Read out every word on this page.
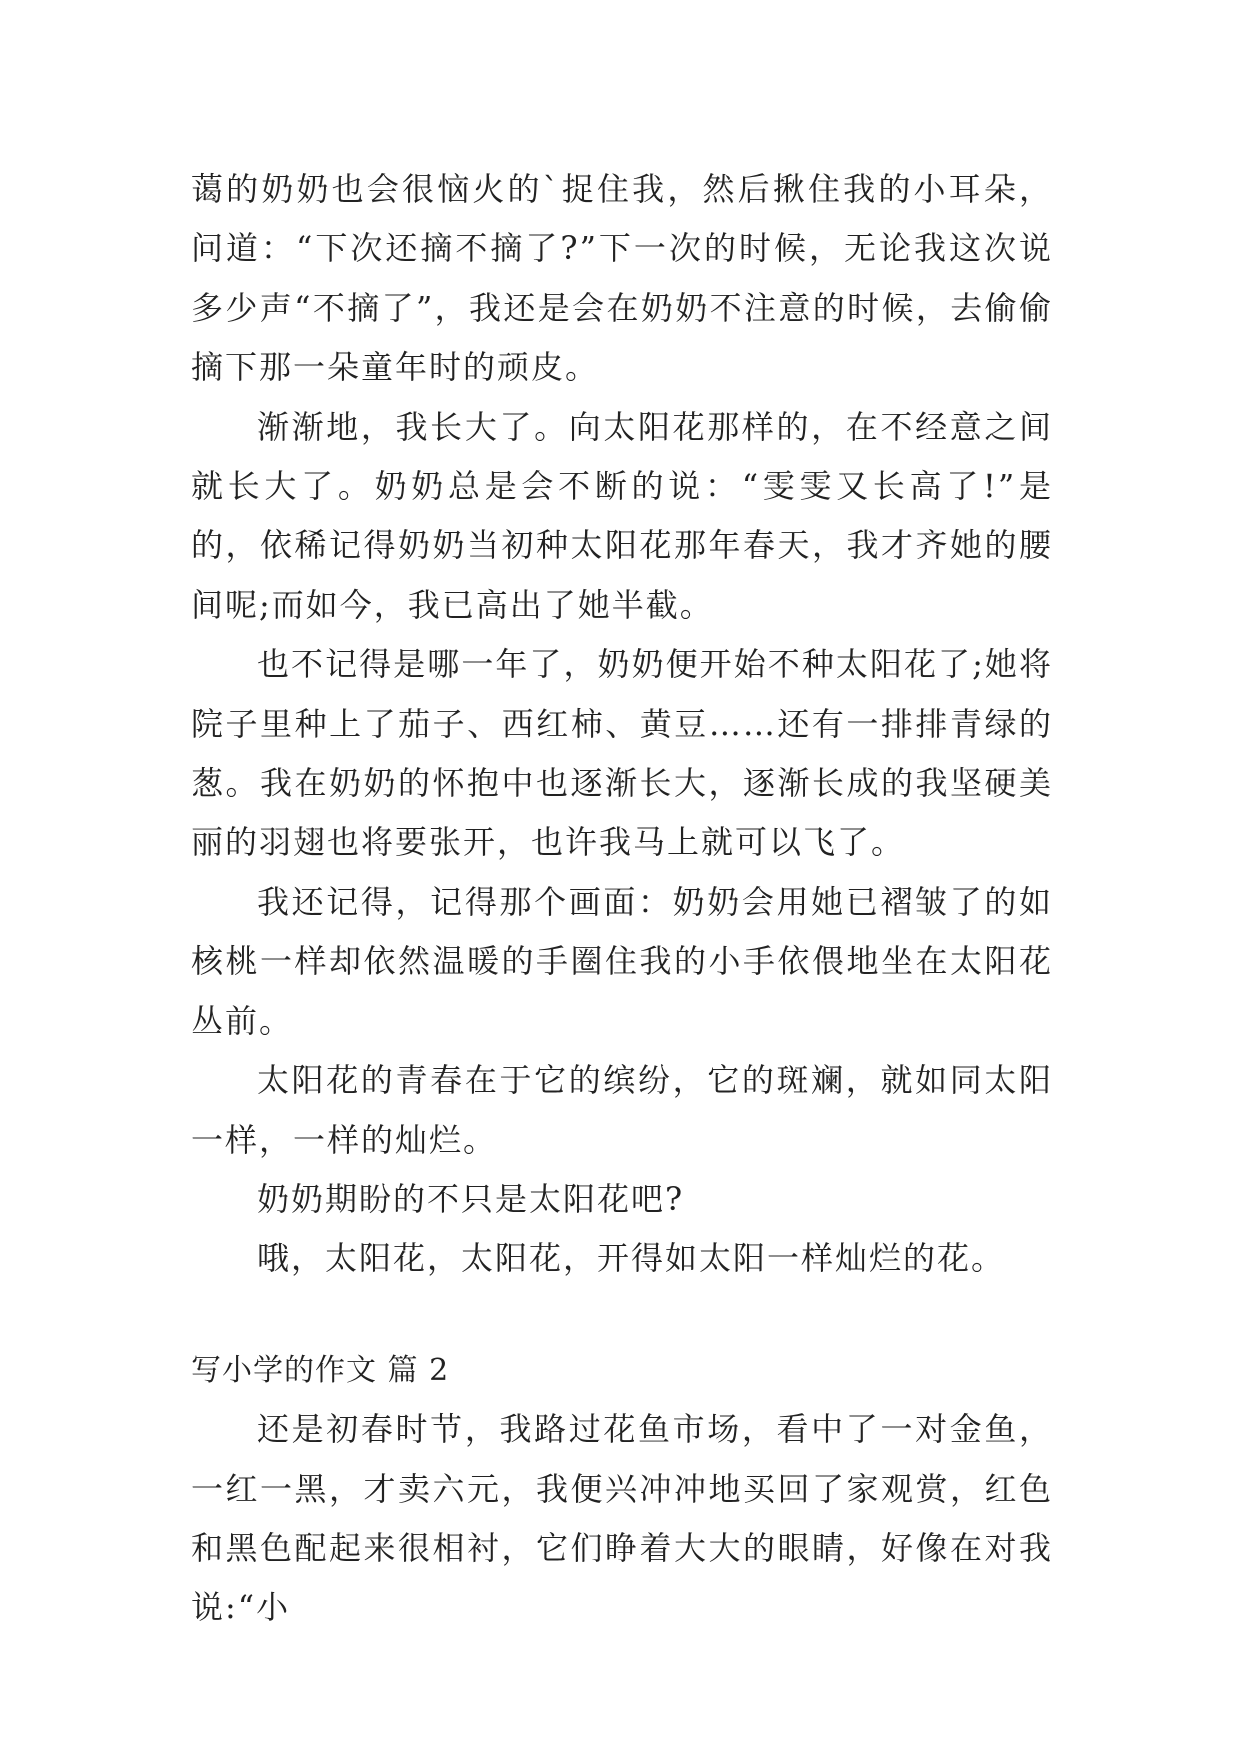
蔼的奶奶也会很恼火的`捉住我，然后揪住我的小耳朵，问道：“下次还摘不摘了?”下一次的时候，无论我这次说多少声“不摘了”，我还是会在奶奶不注意的时候，去偷偷摘下那一朵童年时的顽皮。

渐渐地，我长大了。向太阳花那样的，在不经意之间就长大了。奶奶总是会不断的说：“雯雯又长高了!”是的，依稀记得奶奶当初种太阳花那年春天，我才齐她的腰间呢;而如今，我已高出了她半截。

也不记得是哪一年了，奶奶便开始不种太阳花了;她将院子里种上了茄子、西红柿、黄豆……还有一排排青绿的葱。我在奶奶的怀抱中也逐渐长大，逐渐长成的我坚硬美丽的羽翅也将要张开，也许我马上就可以飞了。

我还记得，记得那个画面：奶奶会用她已褶皱了的如核桃一样却依然温暖的手圈住我的小手依偎地坐在太阳花丛前。

太阳花的青春在于它的缤纷，它的斑斓，就如同太阳一样，一样的灿烂。

奶奶期盼的不只是太阳花吧?

哦，太阳花，太阳花，开得如太阳一样灿烂的花。

写小学的作文 篇 2

还是初春时节，我路过花鱼市场，看中了一对金鱼，一红一黑，才卖六元，我便兴冲冲地买回了家观赏，红色和黑色配起来很相衬，它们睁着大大的眼睛，好像在对我说:“小
